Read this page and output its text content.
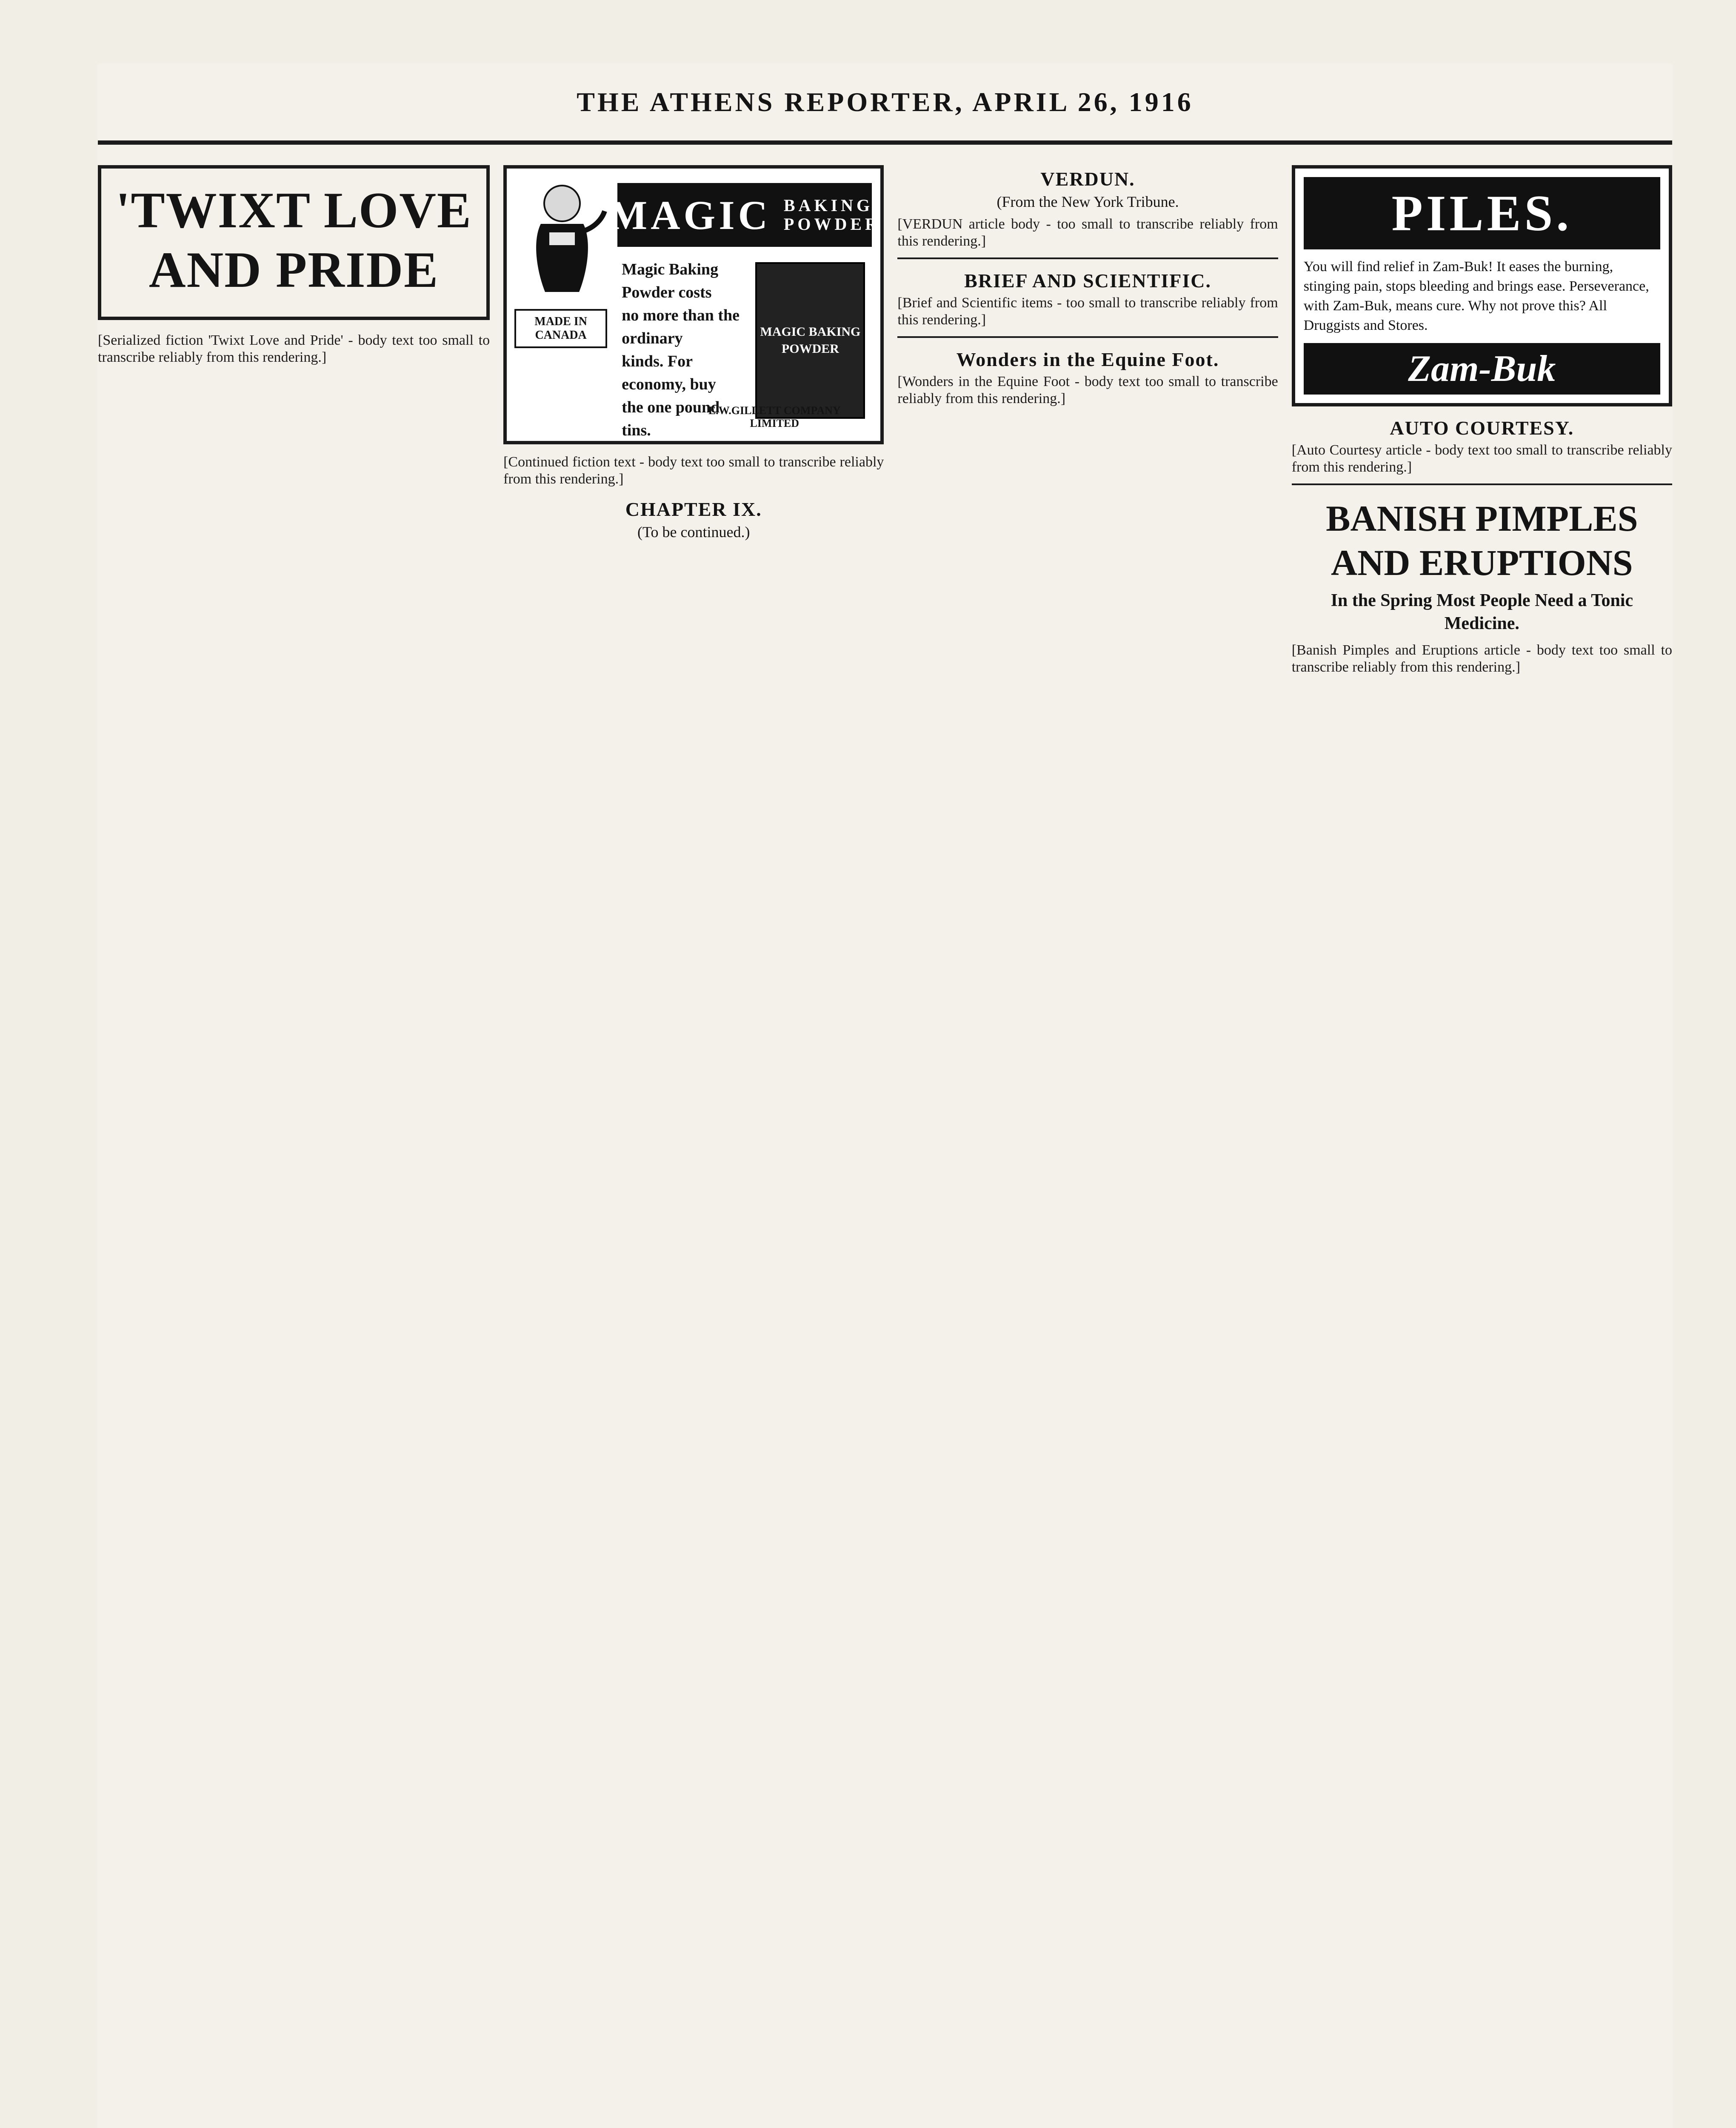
THE ATHENS REPORTER, APRIL 26, 1916
'TWIXT LOVE AND PRIDE
[Serialized fiction 'Twixt Love and Pride' - body text too small to transcribe reliably from this rendering.]
MAGIC BAKING POWDER
Magic Baking Powder costs
no more than the ordinary
kinds. For economy, buy
the one pound tins.
MADE IN CANADA	MAGIC BAKING POWDER
E.W.GILLETT COMPANY LIMITED
[Continued fiction text - body text too small to transcribe reliably from this rendering.]
CHAPTER IX.
(To be continued.)
VERDUN.
(From the New York Tribune.
[VERDUN article body - too small to transcribe reliably from this rendering.]
BRIEF AND SCIENTIFIC.
[Brief and Scientific items - too small to transcribe reliably from this rendering.]
Wonders in the Equine Foot.
[Wonders in the Equine Foot - body text too small to transcribe reliably from this rendering.]
PILES.
You will find relief in Zam-Buk! It eases the burning, stinging pain, stops bleeding and brings ease. Perseverance, with Zam-Buk, means cure. Why not prove this? All Druggists and Stores.
Zam-Buk
AUTO COURTESY.
[Auto Courtesy article - body text too small to transcribe reliably from this rendering.]
BANISH PIMPLES AND ERUPTIONS
In the Spring Most People Need a Tonic Medicine.
[Banish Pimples and Eruptions article - body text too small to transcribe reliably from this rendering.]
